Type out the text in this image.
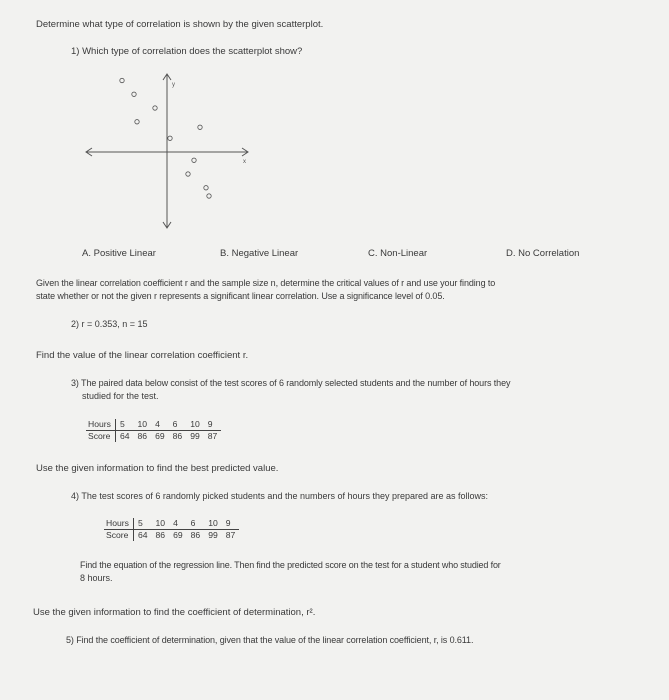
Determine what type of correlation is shown by the given scatterplot.
1) Which type of correlation does the scatterplot show?
x
y
A. Positive Linear	B. Negative Linear	C. Non-Linear	D. No Correlation
Given the linear correlation coefficient r and the sample size n, determine the critical values of r and use your finding to
state whether or not the given r represents a significant linear correlation. Use a significance level of 0.05.
2) r = 0.353, n = 15
Find the value of the linear correlation coefficient r.
3) The paired data below consist of the test scores of 6 randomly selected students and the number of hours they
studied for the test.
Hours	5	10	4	6	10	9
Score	64	86	69	86	99	87
Use the given information to find the best predicted value.
4) The test scores of 6 randomly picked students and the numbers of hours they prepared are as follows:
Hours	5	10	4	6	10	9
Score	64	86	69	86	99	87
Find the equation of the regression line. Then find the predicted score on the test for a student who studied for
8 hours.
Use the given information to find the coefficient of determination, r².
5) Find the coefficient of determination, given that the value of the linear correlation coefficient, r, is 0.611.
